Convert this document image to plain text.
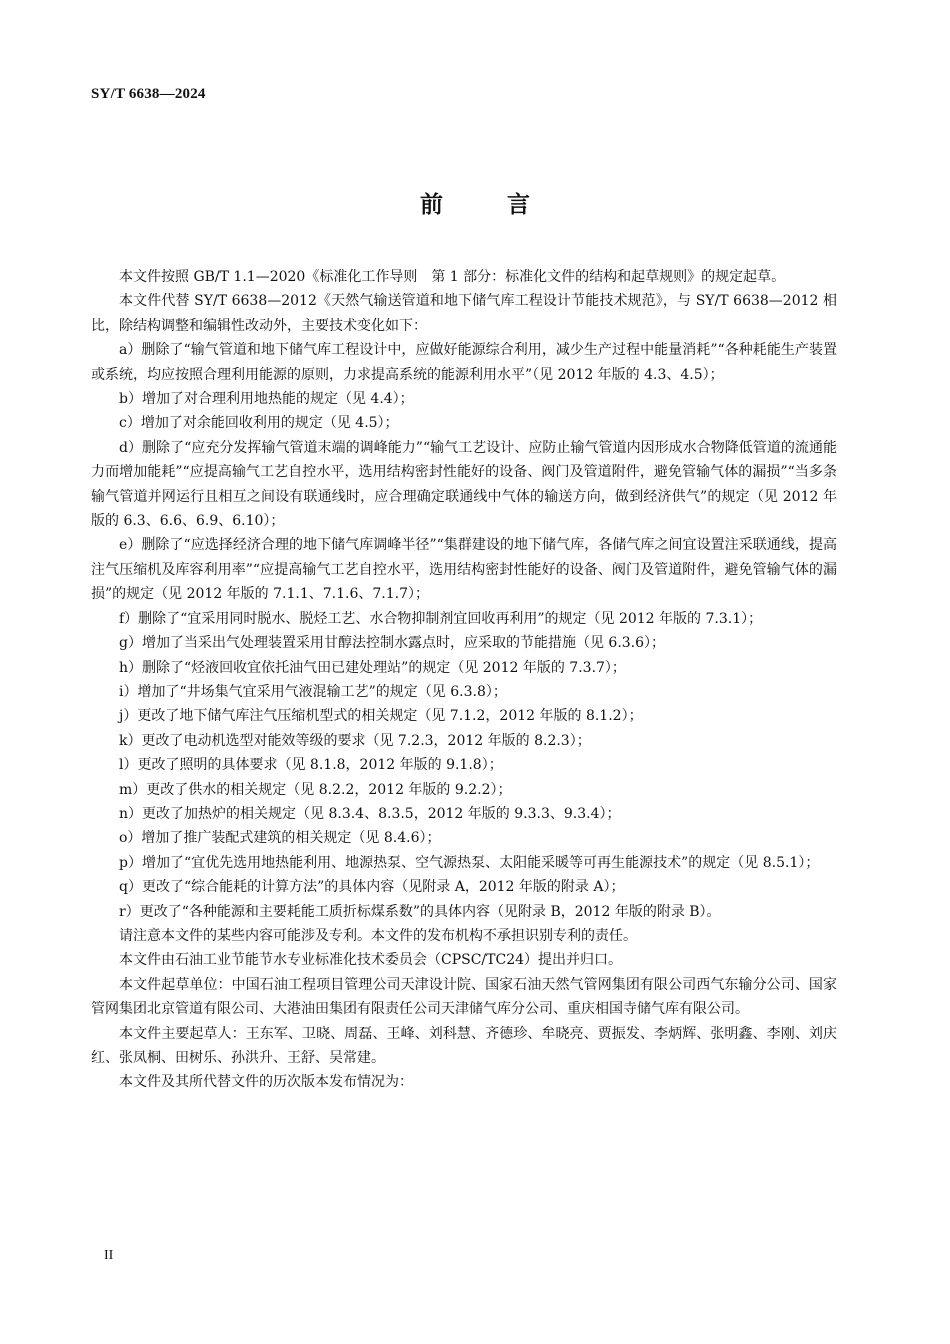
SY/T 6638—2024
前言

本文件按照 GB/T 1.1—2020《标准化工作导则　第 1 部分：标准化文件的结构和起草规则》的规定起草。

本文件代替 SY/T 6638—2012《天然气输送管道和地下储气库工程设计节能技术规范》，与 SY/T 6638—2012 相比，除结构调整和编辑性改动外，主要技术变化如下：

a）删除了“输气管道和地下储气库工程设计中，应做好能源综合利用，减少生产过程中能量消耗”“各种耗能生产装置或系统，均应按照合理利用能源的原则，力求提高系统的能源利用水平”（见 2012 年版的 4.3、4.5）；

b）增加了对合理利用地热能的规定（见 4.4）；

c）增加了对余能回收利用的规定（见 4.5）；

d）删除了“应充分发挥输气管道末端的调峰能力”“输气工艺设计、应防止输气管道内因形成水合物降低管道的流通能力而增加能耗”“应提高输气工艺自控水平，选用结构密封性能好的设备、阀门及管道附件，避免管输气体的漏损”“当多条输气管道并网运行且相互之间设有联通线时，应合理确定联通线中气体的输送方向，做到经济供气”的规定（见 2012 年版的 6.3、6.6、6.9、6.10）；

e）删除了“应选择经济合理的地下储气库调峰半径”“集群建设的地下储气库，各储气库之间宜设置注采联通线，提高注气压缩机及库容利用率”“应提高输气工艺自控水平，选用结构密封性能好的设备、阀门及管道附件，避免管输气体的漏损”的规定（见 2012 年版的 7.1.1、7.1.6、7.1.7）；

f）删除了“宜采用同时脱水、脱烃工艺、水合物抑制剂宜回收再利用”的规定（见 2012 年版的 7.3.1）；

g）增加了当采出气处理装置采用甘醇法控制水露点时，应采取的节能措施（见 6.3.6）；

h）删除了“烃液回收宜依托油气田已建处理站”的规定（见 2012 年版的 7.3.7）；

i）增加了“井场集气宜采用气液混输工艺”的规定（见 6.3.8）；

j）更改了地下储气库注气压缩机型式的相关规定（见 7.1.2，2012 年版的 8.1.2）；

k）更改了电动机选型对能效等级的要求（见 7.2.3，2012 年版的 8.2.3）；

l）更改了照明的具体要求（见 8.1.8，2012 年版的 9.1.8）；

m）更改了供水的相关规定（见 8.2.2，2012 年版的 9.2.2）；

n）更改了加热炉的相关规定（见 8.3.4、8.3.5，2012 年版的 9.3.3、9.3.4）；

o）增加了推广装配式建筑的相关规定（见 8.4.6）；

p）增加了“宜优先选用地热能利用、地源热泵、空气源热泵、太阳能采暖等可再生能源技术”的规定（见 8.5.1）；

q）更改了“综合能耗的计算方法”的具体内容（见附录 A，2012 年版的附录 A）；

r）更改了“各种能源和主要耗能工质折标煤系数”的具体内容（见附录 B，2012 年版的附录 B）。

请注意本文件的某些内容可能涉及专利。本文件的发布机构不承担识别专利的责任。

本文件由石油工业节能节水专业标准化技术委员会（CPSC/TC24）提出并归口。

本文件起草单位：中国石油工程项目管理公司天津设计院、国家石油天然气管网集团有限公司西气东输分公司、国家管网集团北京管道有限公司、大港油田集团有限责任公司天津储气库分公司、重庆相国寺储气库有限公司。

本文件主要起草人：王东军、卫晓、周磊、王峰、刘科慧、齐德珍、牟晓亮、贾振发、李炳辉、张明鑫、李刚、刘庆红、张凤桐、田树乐、孙洪升、王舒、吴常建。

本文件及其所代替文件的历次版本发布情况为：

II
